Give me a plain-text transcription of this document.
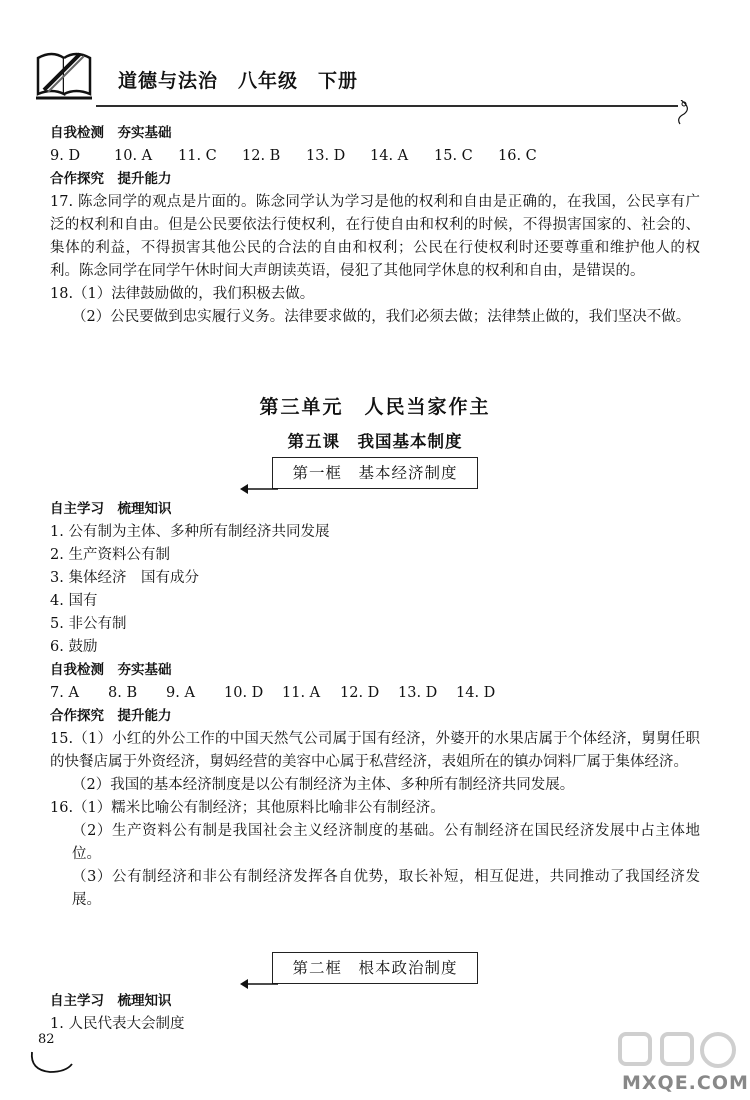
道德与法治　八年级　下册
自我检测　夯实基础
9. D 10. A 11. C 12. B 13. D 14. A 15. C 16. C
合作探究　提升能力
17. 陈念同学的观点是片面的。陈念同学认为学习是他的权利和自由是正确的，在我国，公民享有广泛的权利和自由。但是公民要依法行使权利，在行使自由和权利的时候，不得损害国家的、社会的、集体的利益，不得损害其他公民的合法的自由和权利；公民在行使权利时还要尊重和维护他人的权利。陈念同学在同学午休时间大声朗读英语，侵犯了其他同学休息的权利和自由，是错误的。
18.（1）法律鼓励做的，我们积极去做。
（2）公民要做到忠实履行义务。法律要求做的，我们必须去做；法律禁止做的，我们坚决不做。
第三单元　人民当家作主
第五课　我国基本制度
第一框　基本经济制度
自主学习　梳理知识
1. 公有制为主体、多种所有制经济共同发展
2. 生产资料公有制
3. 集体经济　国有成分
4. 国有
5. 非公有制
6. 鼓励
自我检测　夯实基础
7. A 8. B 9. A 10. D 11. A 12. D 13. D 14. D
合作探究　提升能力
15.（1）小红的外公工作的中国天然气公司属于国有经济，外婆开的水果店属于个体经济，舅舅任职的快餐店属于外资经济，舅妈经营的美容中心属于私营经济，表姐所在的镇办饲料厂属于集体经济。
（2）我国的基本经济制度是以公有制经济为主体、多种所有制经济共同发展。
16.（1）糯米比喻公有制经济；其他原料比喻非公有制经济。
（2）生产资料公有制是我国社会主义经济制度的基础。公有制经济在国民经济发展中占主体地位。
（3）公有制经济和非公有制经济发挥各自优势，取长补短，相互促进，共同推动了我国经济发展。
第二框　根本政治制度
自主学习　梳理知识
1. 人民代表大会制度
82
MXQE.COM
